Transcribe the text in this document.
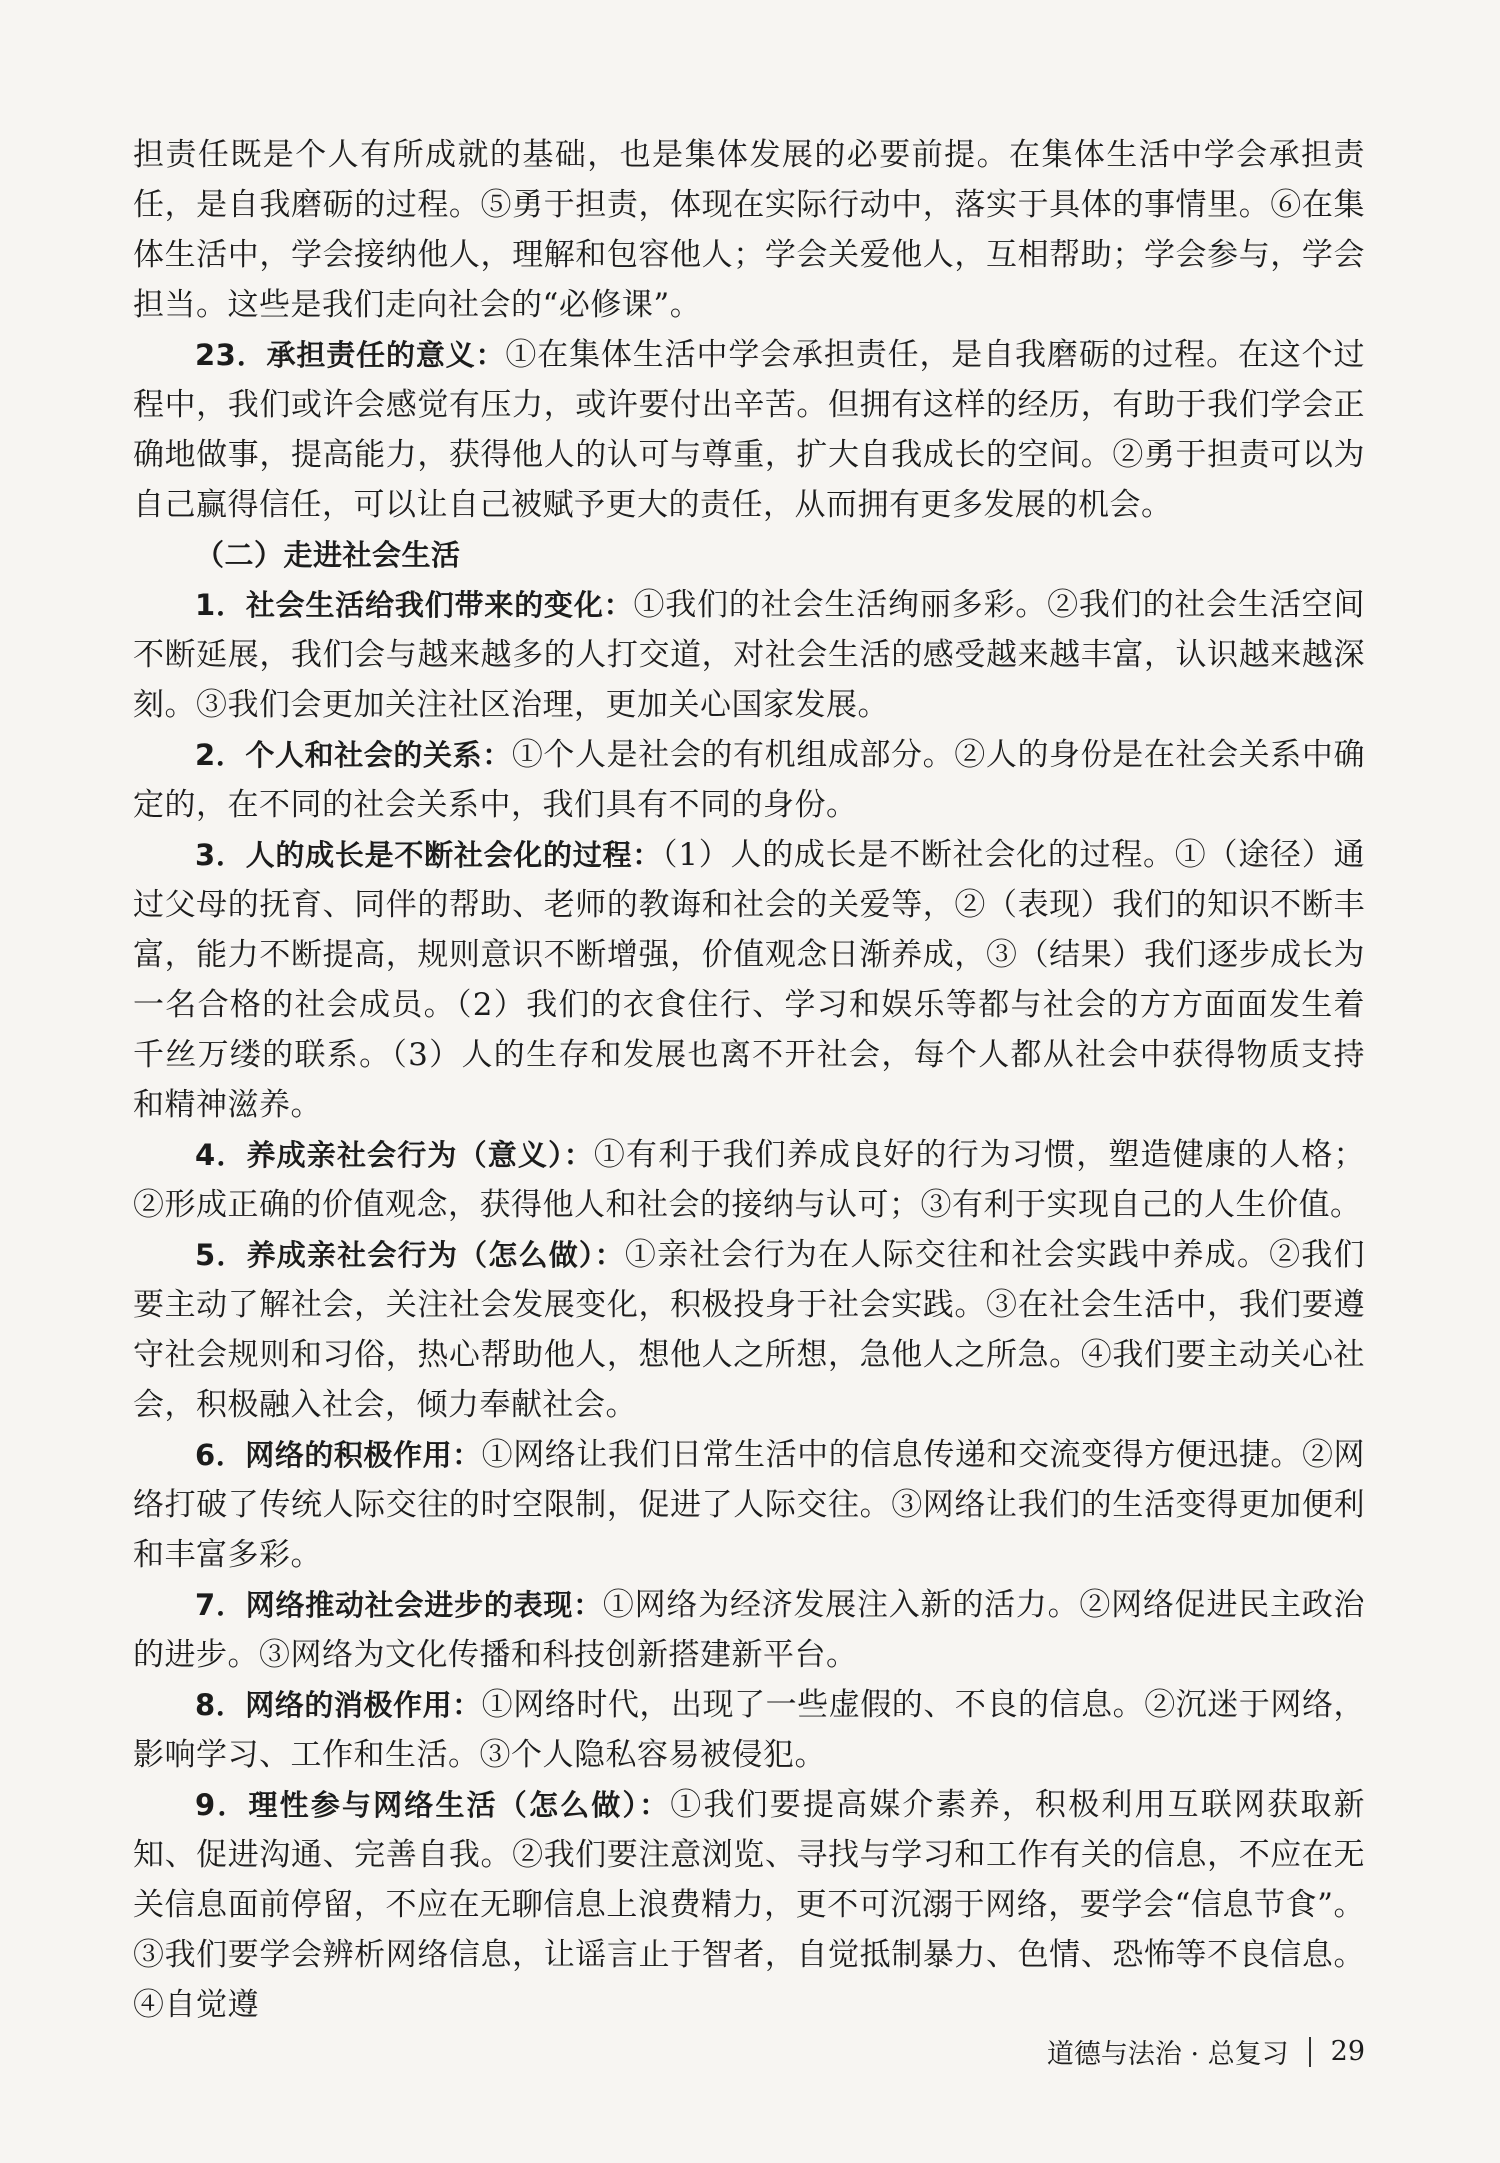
担责任既是个人有所成就的基础，也是集体发展的必要前提。在集体生活中学会承担责任，是自我磨砺的过程。⑤勇于担责，体现在实际行动中，落实于具体的事情里。⑥在集体生活中，学会接纳他人，理解和包容他人；学会关爱他人，互相帮助；学会参与，学会担当。这些是我们走向社会的“必修课”。

23．承担责任的意义：①在集体生活中学会承担责任，是自我磨砺的过程。在这个过程中，我们或许会感觉有压力，或许要付出辛苦。但拥有这样的经历，有助于我们学会正确地做事，提高能力，获得他人的认可与尊重，扩大自我成长的空间。②勇于担责可以为自己赢得信任，可以让自己被赋予更大的责任，从而拥有更多发展的机会。

（二）走进社会生活

1．社会生活给我们带来的变化：①我们的社会生活绚丽多彩。②我们的社会生活空间不断延展，我们会与越来越多的人打交道，对社会生活的感受越来越丰富，认识越来越深刻。③我们会更加关注社区治理，更加关心国家发展。

2．个人和社会的关系：①个人是社会的有机组成部分。②人的身份是在社会关系中确定的，在不同的社会关系中，我们具有不同的身份。

3．人的成长是不断社会化的过程：（1）人的成长是不断社会化的过程。①（途径）通过父母的抚育、同伴的帮助、老师的教诲和社会的关爱等，②（表现）我们的知识不断丰富，能力不断提高，规则意识不断增强，价值观念日渐养成，③（结果）我们逐步成长为一名合格的社会成员。（2）我们的衣食住行、学习和娱乐等都与社会的方方面面发生着千丝万缕的联系。（3）人的生存和发展也离不开社会，每个人都从社会中获得物质支持和精神滋养。

4．养成亲社会行为（意义）：①有利于我们养成良好的行为习惯，塑造健康的人格；②形成正确的价值观念，获得他人和社会的接纳与认可；③有利于实现自己的人生价值。

5．养成亲社会行为（怎么做）：①亲社会行为在人际交往和社会实践中养成。②我们要主动了解社会，关注社会发展变化，积极投身于社会实践。③在社会生活中，我们要遵守社会规则和习俗，热心帮助他人，想他人之所想，急他人之所急。④我们要主动关心社会，积极融入社会，倾力奉献社会。

6．网络的积极作用：①网络让我们日常生活中的信息传递和交流变得方便迅捷。②网络打破了传统人际交往的时空限制，促进了人际交往。③网络让我们的生活变得更加便利和丰富多彩。

7．网络推动社会进步的表现：①网络为经济发展注入新的活力。②网络促进民主政治的进步。③网络为文化传播和科技创新搭建新平台。

8．网络的消极作用：①网络时代，出现了一些虚假的、不良的信息。②沉迷于网络，影响学习、工作和生活。③个人隐私容易被侵犯。

9．理性参与网络生活（怎么做）：①我们要提高媒介素养，积极利用互联网获取新知、促进沟通、完善自我。②我们要注意浏览、寻找与学习和工作有关的信息，不应在无关信息面前停留，不应在无聊信息上浪费精力，更不可沉溺于网络，要学会“信息节食”。③我们要学会辨析网络信息，让谣言止于智者，自觉抵制暴力、色情、恐怖等不良信息。④自觉遵

道德与法治 · 总复习 29
